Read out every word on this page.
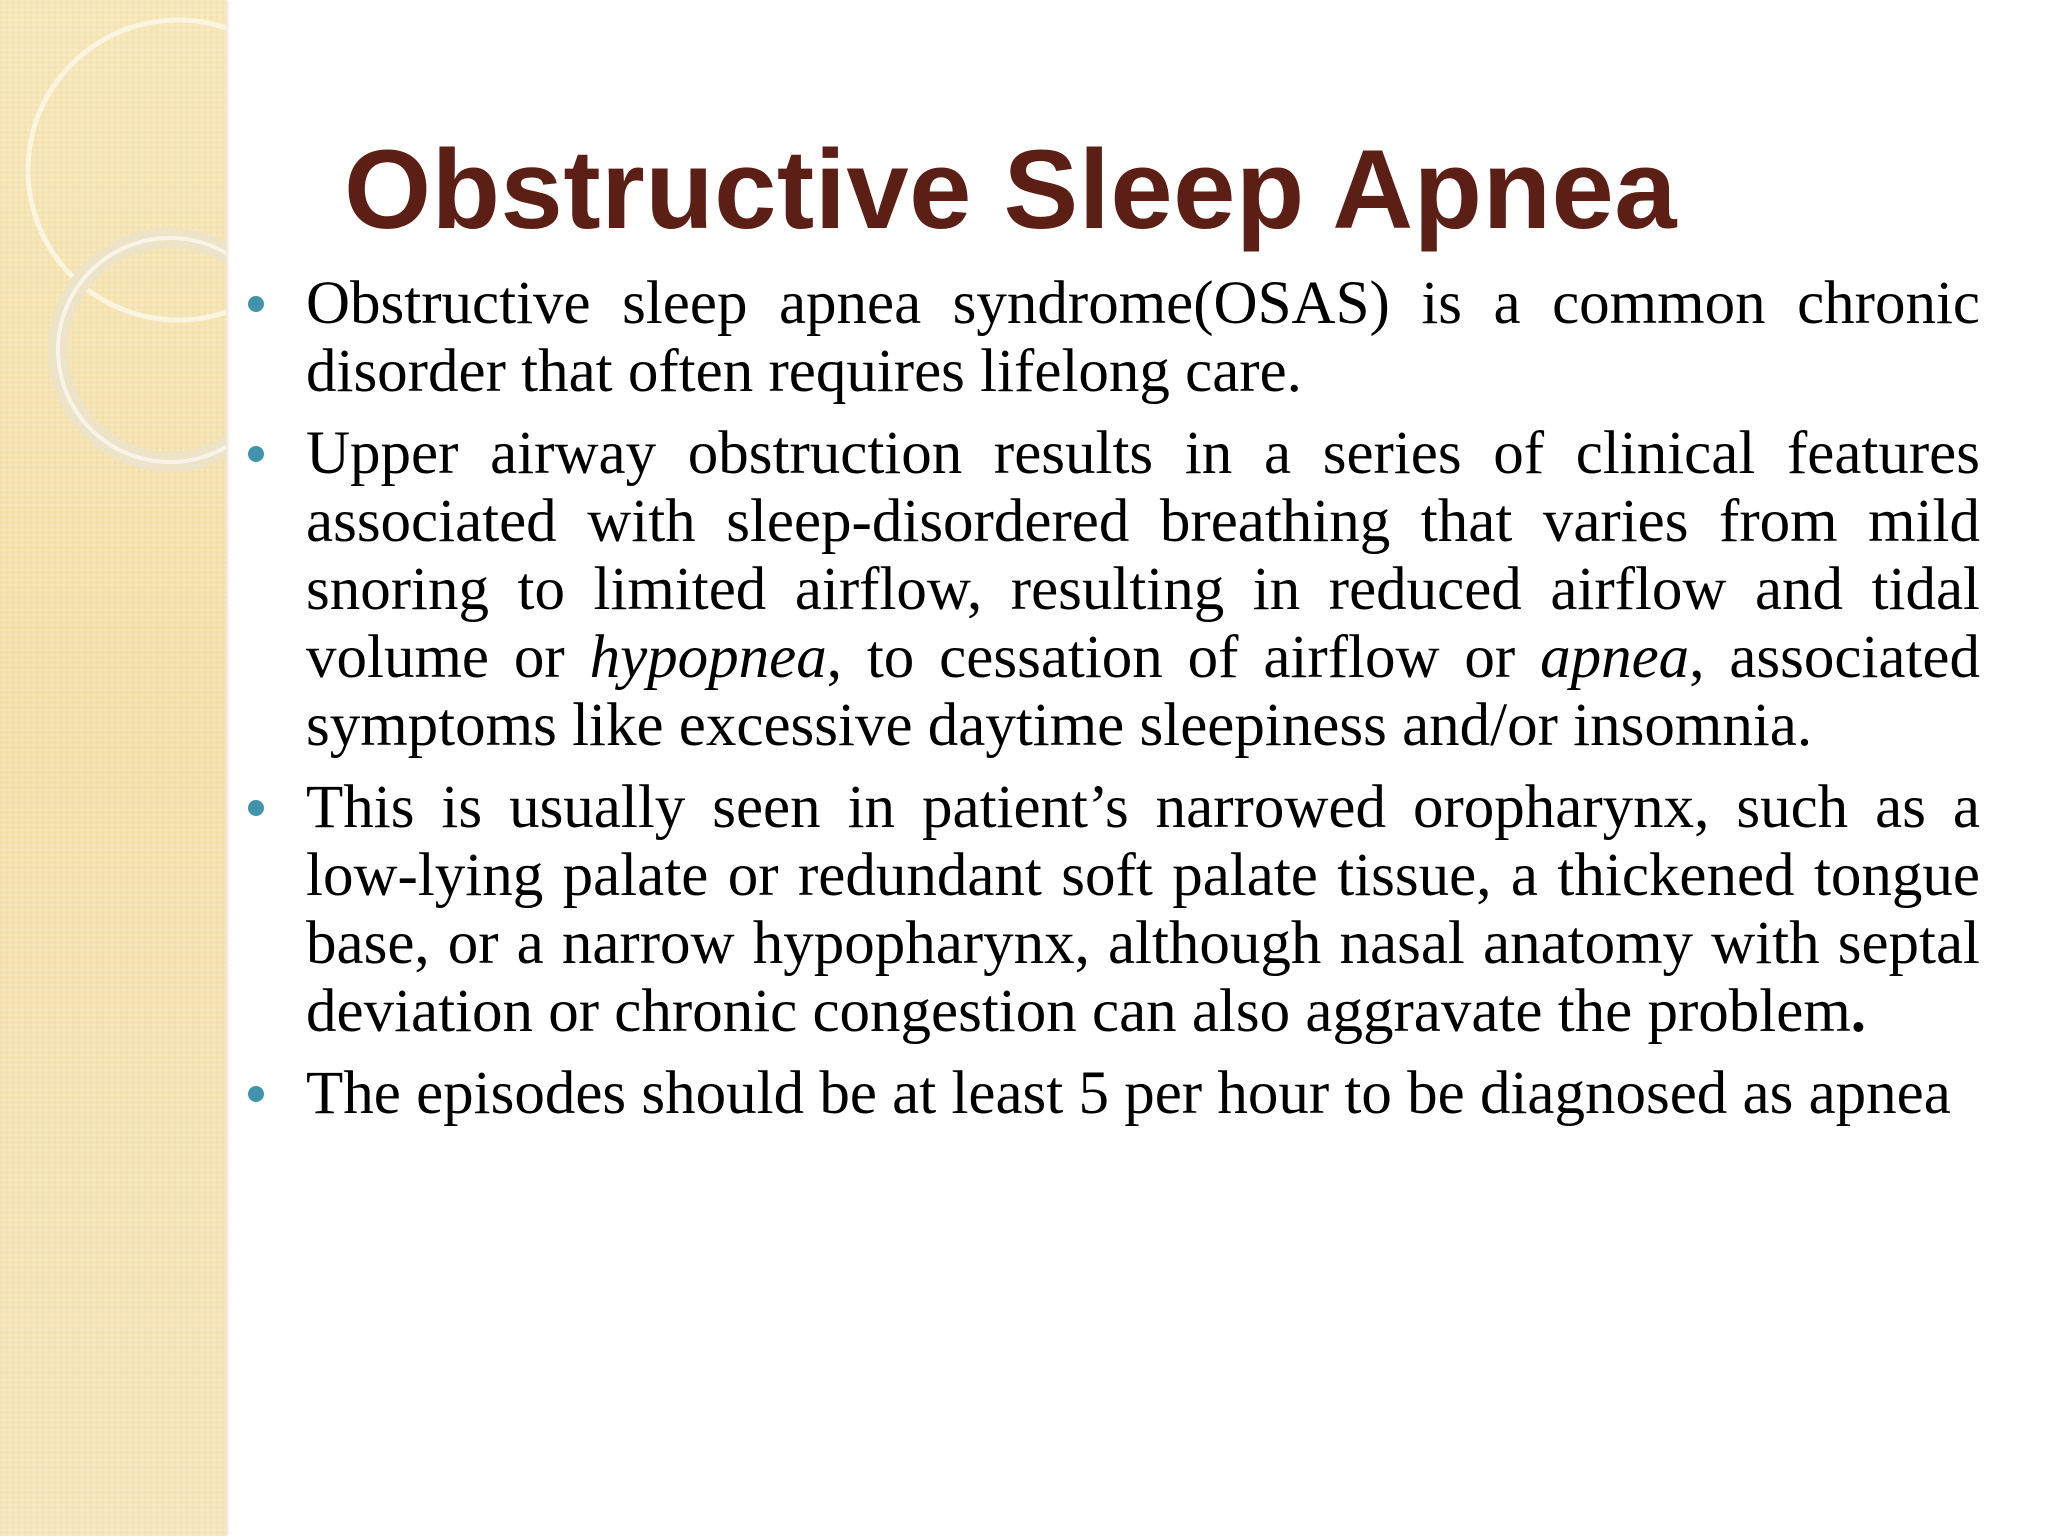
Obstructive Sleep Apnea
Obstructive sleep apnea syndrome(OSAS) is a common chronic disorder that often requires lifelong care.
Upper airway obstruction results in a series of clinical features associated with sleep-disordered breathing that varies from mild snoring to limited airflow, resulting in reduced airflow and tidal volume or hypopnea, to cessation of airflow or apnea, associated symptoms like excessive daytime sleepiness and/or insomnia.
This is usually seen in patient’s narrowed oropharynx, such as a low-lying palate or redundant soft palate tissue, a thickened tongue base, or a narrow hypopharynx, although nasal anatomy with septal deviation or chronic congestion can also aggravate the problem.
The episodes should be at least 5 per hour to be diagnosed as apnea
